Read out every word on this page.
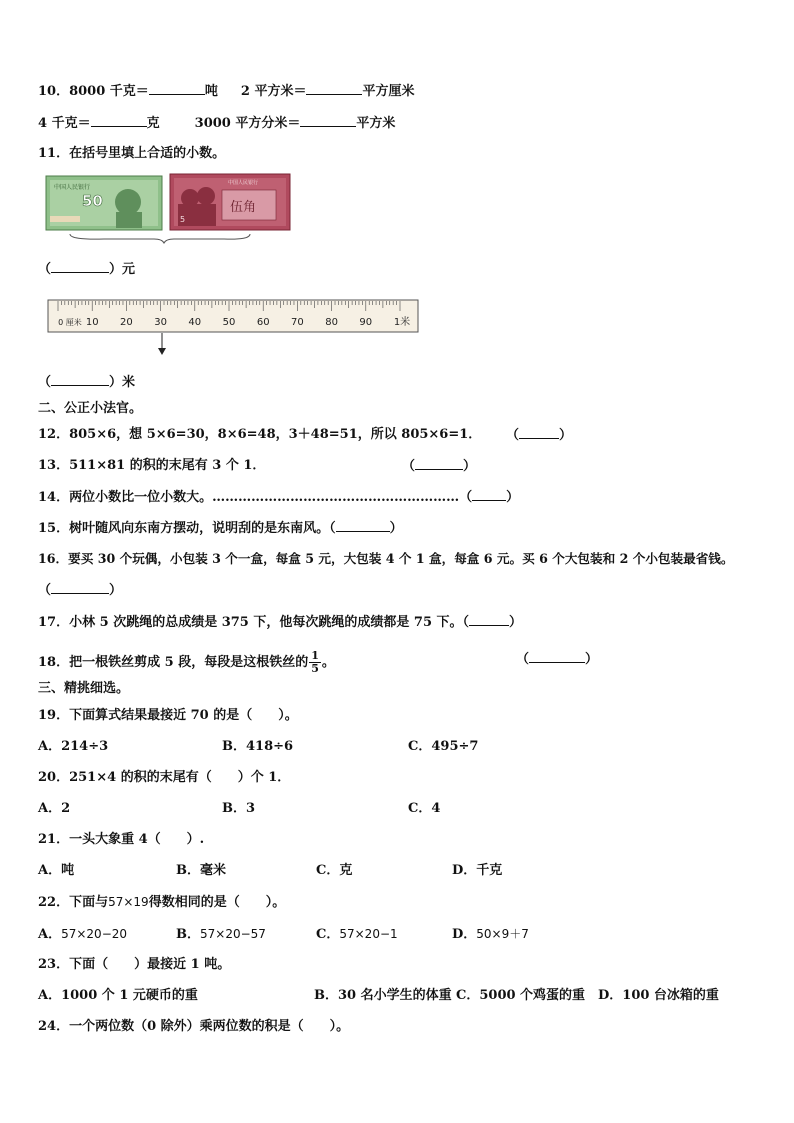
10．8000 千克＝	吨 2 平方米＝	平方厘米
4 千克＝	克	3000 平方分米＝	平方米
11．在括号里填上合适的小数。
中国人民银行
50
中国人民银行
伍角
5
（	）元
0 厘米 10 20 30 40 50 60 70 80 90 1米
（	）米
二、公正小法官。
12．805×6，想 5×6=30，8×6=48，3＋48=51，所以 805×6=1． （	）
13．511×81 的积的末尾有 3 个 1．	（	）
14．两位小数比一位小数大。…………………………………………………（	）
15．树叶随风向东南方摆动，说明刮的是东南风。（	）
16．要买 30 个玩偶，小包装 3 个一盒，每盒 5 元，大包装 4 个 1 盒，每盒 6 元。买 6 个大包装和 2 个小包装最省钱。
（	）
17．小林 5 次跳绳的总成绩是 375 下，他每次跳绳的成绩都是 75 下。（	）
18．把一根铁丝剪成 5 段，每段是这根铁丝的 $\frac{1}{5}$ 。	（	）
三、精挑细选。
19．下面算式结果最接近 70 的是（　　）。
A．214÷3	B．418÷6	C．495÷7
20．251×4 的积的末尾有（　　）个 1．
A．2	B．3	C．4
21．一头大象重 4（　　）.
A．吨	B．毫米	C．克	D．千克
22．下面与57×19得数相同的是（　　）。
A．57×20−20	B．57×20−57	C．57×20−1	D．50×9＋7
23．下面（　　）最接近 1 吨。
A．1000 个 1 元硬币的重	B．30 名小学生的体重 C．5000 个鸡蛋的重 D．100 台冰箱的重
24．一个两位数（0 除外）乘两位数的积是（　　）。
